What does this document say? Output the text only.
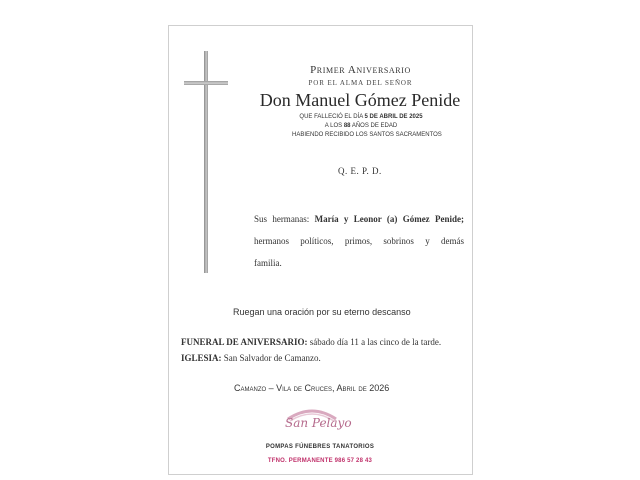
Primer Aniversario
POR EL ALMA DEL SEÑOR
Don Manuel Gómez Penide
QUE FALLECIÓ EL DÍA 5 DE ABRIL DE 2025
A LOS 88 AÑOS DE EDAD
HABIENDO RECIBIDO LOS SANTOS SACRAMENTOS
Q. E. P. D.
Sus hermanas: María y Leonor (a) Gómez Penide;
hermanos políticos, primos, sobrinos y demás
familia.
Ruegan una oración por su eterno descanso
FUNERAL DE ANIVERSARIO: sábado día 11 a las cinco de la tarde.
IGLESIA: San Salvador de Camanzo.
Camanzo – Vila de Cruces, Abril de 2026
San Pelayo
POMPAS FÚNEBRES TANATORIOS
TFNO. PERMANENTE 986 57 28 43
